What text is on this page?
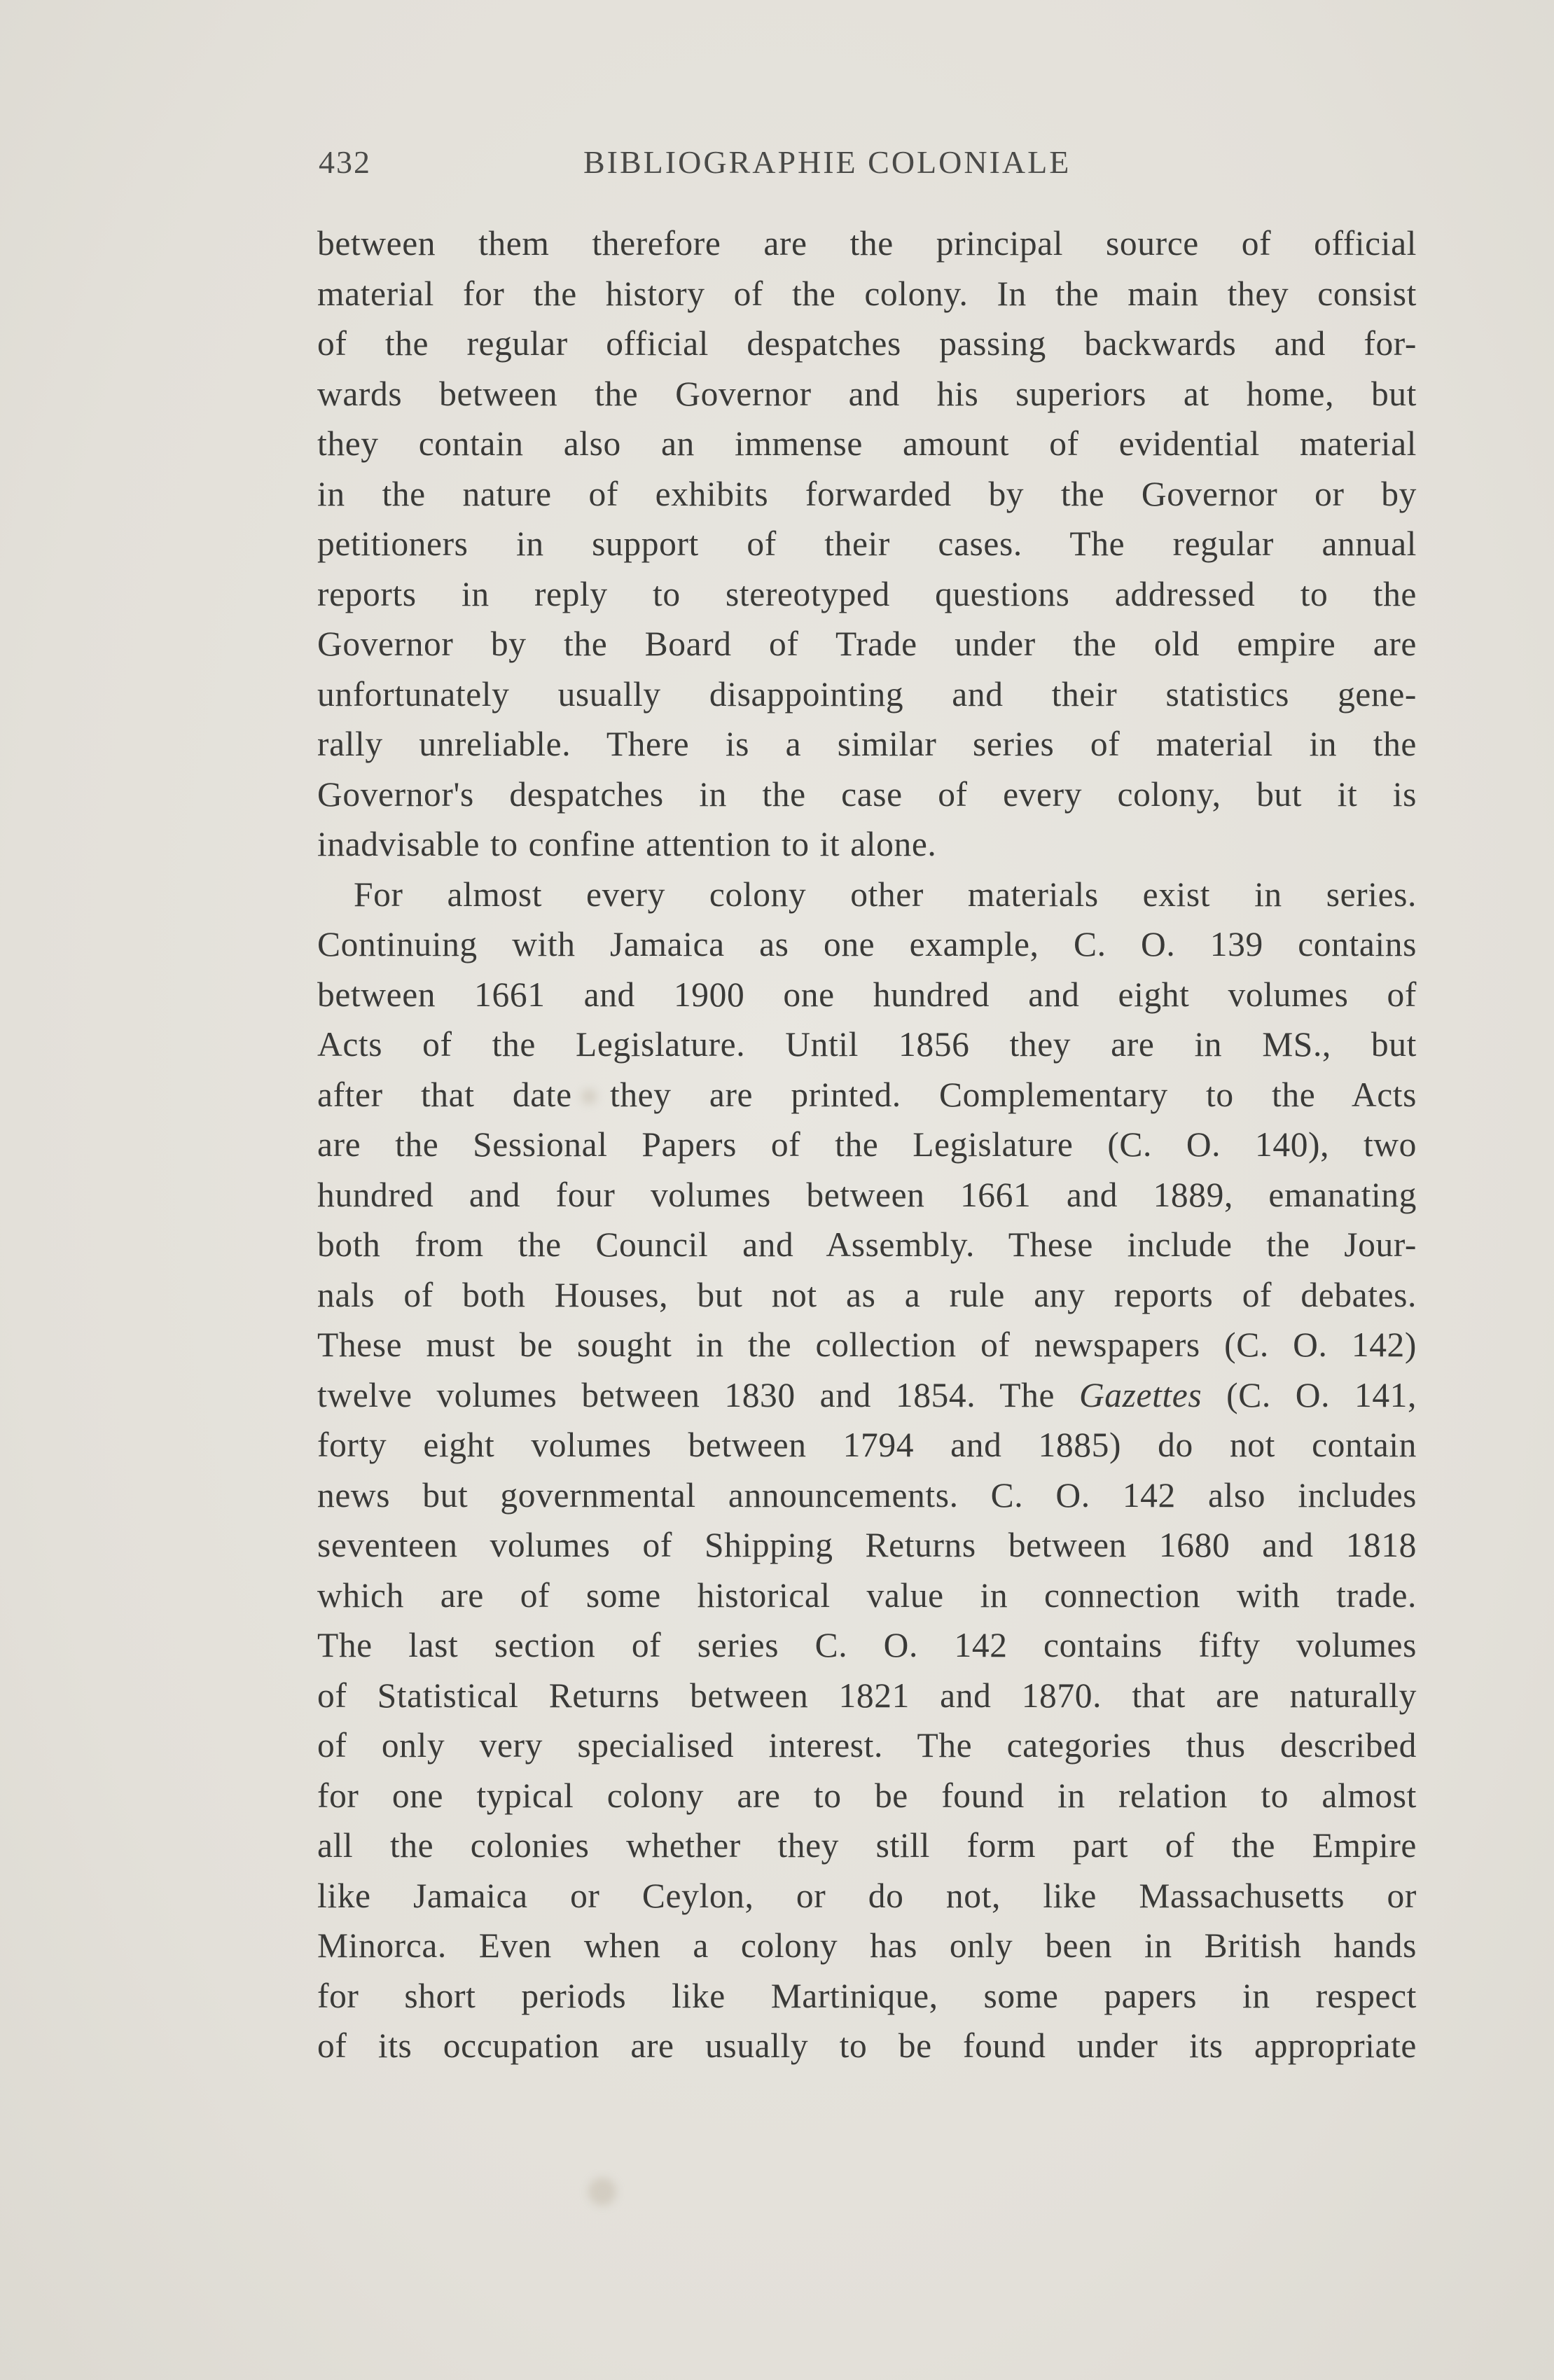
432	BIBLIOGRAPHIE COLONIALE
between them therefore are the principal source of official
material for the history of the colony. In the main they consist
of the regular official despatches passing backwards and for-
wards between the Governor and his superiors at home, but
they contain also an immense amount of evidential material
in the nature of exhibits forwarded by the Governor or by
petitioners in support of their cases. The regular annual
reports in reply to stereotyped questions addressed to the
Governor by the Board of Trade under the old empire are
unfortunately usually disappointing and their statistics gene-
rally unreliable. There is a similar series of material in the
Governor's despatches in the case of every colony, but it is
inadvisable to confine attention to it alone.
For almost every colony other materials exist in series.
Continuing with Jamaica as one example, C. O. 139 contains
between 1661 and 1900 one hundred and eight volumes of
Acts of the Legislature. Until 1856 they are in MS., but
after that date they are printed. Complementary to the Acts
are the Sessional Papers of the Legislature (C. O. 140), two
hundred and four volumes between 1661 and 1889, emanating
both from the Council and Assembly. These include the Jour-
nals of both Houses, but not as a rule any reports of debates.
These must be sought in the collection of newspapers (C. O. 142)
twelve volumes between 1830 and 1854. The Gazettes (C. O. 141,
forty eight volumes between 1794 and 1885) do not contain
news but governmental announcements. C. O. 142 also includes
seventeen volumes of Shipping Returns between 1680 and 1818
which are of some historical value in connection with trade.
The last section of series C. O. 142 contains fifty volumes
of Statistical Returns between 1821 and 1870. that are naturally
of only very specialised interest. The categories thus described
for one typical colony are to be found in relation to almost
all the colonies whether they still form part of the Empire
like Jamaica or Ceylon, or do not, like Massachusetts or
Minorca. Even when a colony has only been in British hands
for short periods like Martinique, some papers in respect
of its occupation are usually to be found under its appropriate
